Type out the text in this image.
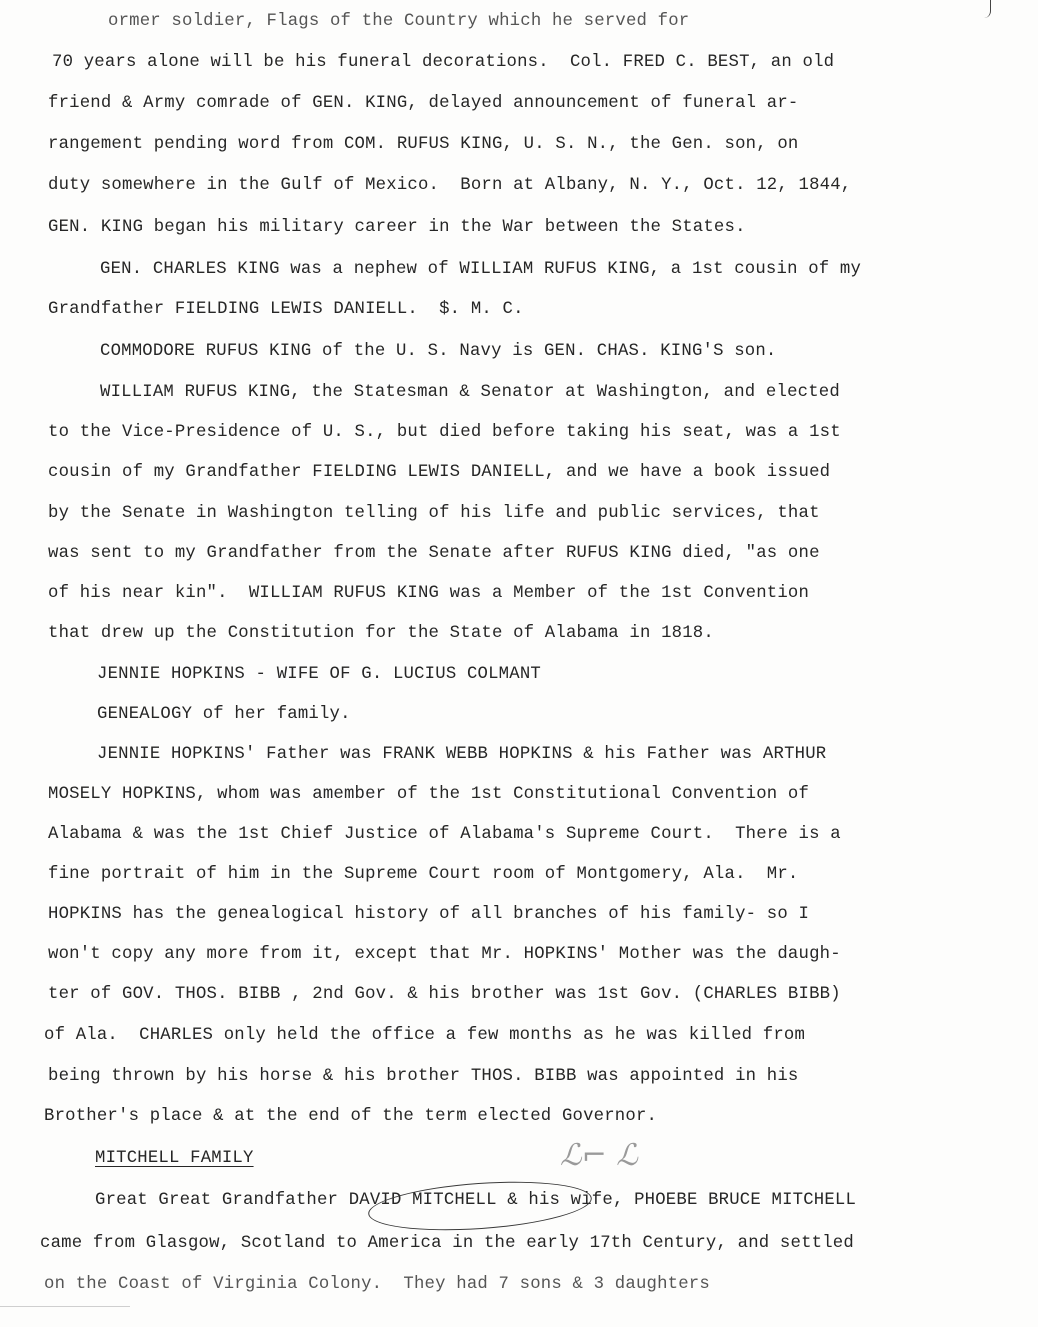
ormer soldier, Flags of the Country which he served for
70 years alone will be his funeral decorations.  Col. FRED C. BEST, an old
friend & Army comrade of GEN. KING, delayed announcement of funeral ar-
rangement pending word from COM. RUFUS KING, U. S. N., the Gen. son, on
duty somewhere in the Gulf of Mexico.  Born at Albany, N. Y., Oct. 12, 1844,
GEN. KING began his military career in the War between the States.
GEN. CHARLES KING was a nephew of WILLIAM RUFUS KING, a 1st cousin of my
Grandfather FIELDING LEWIS DANIELL.  $. M. C.
COMMODORE RUFUS KING of the U. S. Navy is GEN. CHAS. KING'S son.
WILLIAM RUFUS KING, the Statesman & Senator at Washington, and elected
to the Vice-Presidence of U. S., but died before taking his seat, was a 1st
cousin of my Grandfather FIELDING LEWIS DANIELL, and we have a book issued
by the Senate in Washington telling of his life and public services, that
was sent to my Grandfather from the Senate after RUFUS KING died, "as one
of his near kin".  WILLIAM RUFUS KING was a Member of the 1st Convention
that drew up the Constitution for the State of Alabama in 1818.
JENNIE HOPKINS - WIFE OF G. LUCIUS COLMANT
GENEALOGY of her family.
JENNIE HOPKINS' Father was FRANK WEBB HOPKINS & his Father was ARTHUR
MOSELY HOPKINS, whom was amember of the 1st Constitutional Convention of
Alabama & was the 1st Chief Justice of Alabama's Supreme Court.  There is a
fine portrait of him in the Supreme Court room of Montgomery, Ala.  Mr.
HOPKINS has the genealogical history of all branches of his family- so I
won't copy any more from it, except that Mr. HOPKINS' Mother was the daugh-
ter of GOV. THOS. BIBB , 2nd Gov. & his brother was 1st Gov. (CHARLES BIBB)
of Ala.  CHARLES only held the office a few months as he was killed from
being thrown by his horse & his brother THOS. BIBB was appointed in his
Brother's place & at the end of the term elected Governor.
MITCHELL FAMILY	ℒ⌐ ℒ
Great Great Grandfather DAVID MITCHELL & his wife, PHOEBE BRUCE MITCHELL
came from Glasgow, Scotland to America in the early 17th Century, and settled
on the Coast of Virginia Colony.  They had 7 sons & 3 daughters
